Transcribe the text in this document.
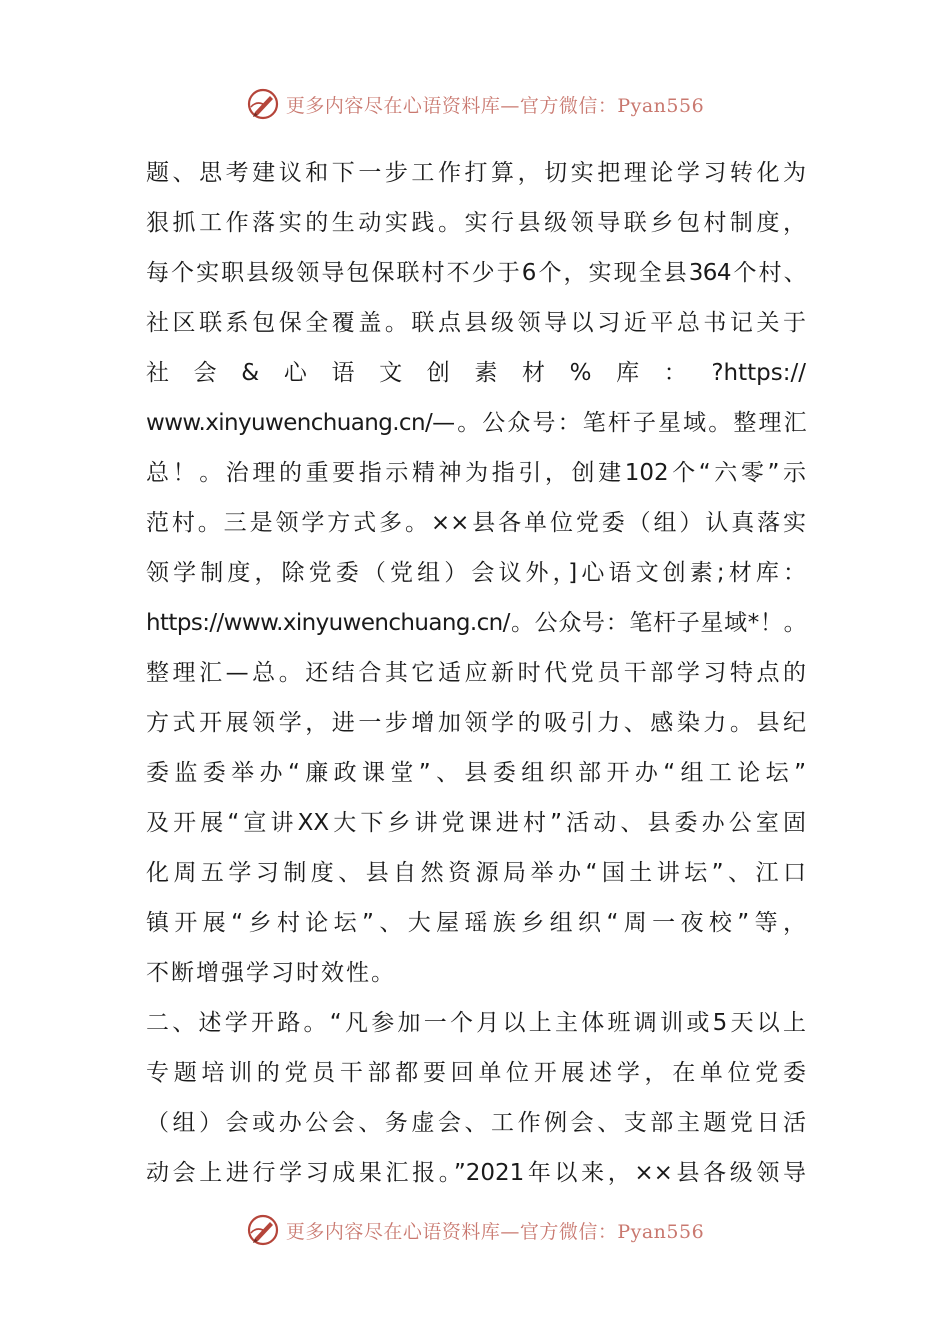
更多内容尽在心语资料库—官方微信：Pyan556
题、思考建议和下一步工作打算，切实把理论学习转化为
狠抓工作落实的生动实践。实行县级领导联乡包村制度，
每个实职县级领导包保联村不少于6个，实现全县364个村、
社区联系包保全覆盖。联点县级领导以习近平总书记关于
社会&心语文创素材%库：?https://
www.xinyuwenchuang.cn/—。公众号：笔杆子星域。整理汇
总！。治理的重要指示精神为指引，创建102个“六零”示
范村。三是领学方式多。××县各单位党委（组）认真落实
领学制度，除党委（党组）会议外，]心语文创素;材库：
https://www.xinyuwenchuang.cn/。公众号：笔杆子星域*！。
整理汇—总。还结合其它适应新时代党员干部学习特点的
方式开展领学，进一步增加领学的吸引力、感染力。县纪
委监委举办“廉政课堂”、县委组织部开办“组工论坛”
及开展“宣讲XX大下乡讲党课进村”活动、县委办公室固
化周五学习制度、县自然资源局举办“国土讲坛”、江口
镇开展“乡村论坛”、大屋瑶族乡组织“周一夜校”等，
不断增强学习时效性。
二、述学开路。“凡参加一个月以上主体班调训或5天以上
专题培训的党员干部都要回单位开展述学，在单位党委
（组）会或办公会、务虚会、工作例会、支部主题党日活
动会上进行学习成果汇报。”2021年以来，××县各级领导
更多内容尽在心语资料库—官方微信：Pyan556
